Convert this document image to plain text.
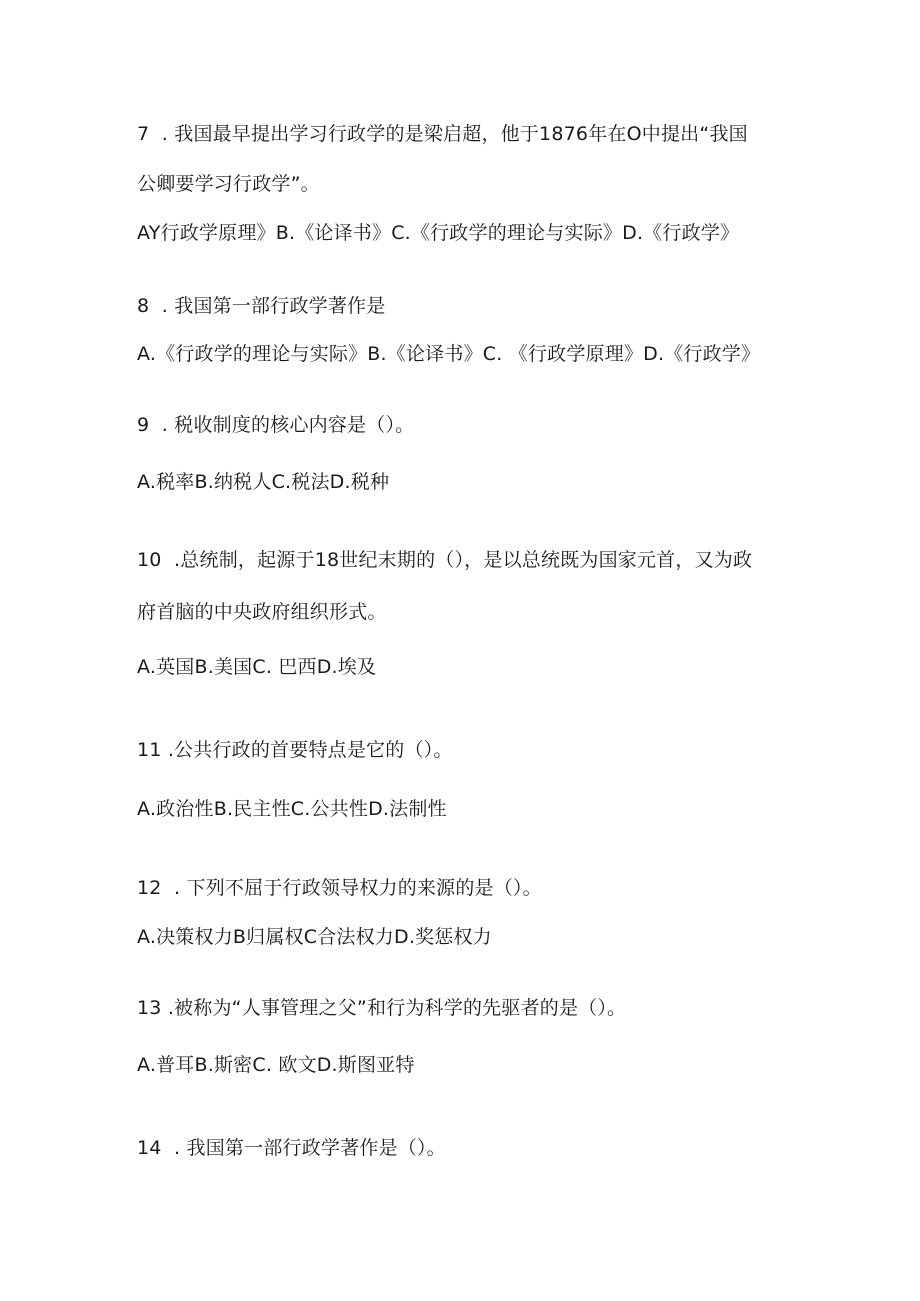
7  . 我国最早提出学习行政学的是梁启超，他于1876年在O中提出“我国
公卿要学习行政学”。
AY行政学原理》B.《论译书》C.《行政学的理论与实际》D.《行政学》
8  . 我国第一部行政学著作是
A.《行政学的理论与实际》B.《论译书》C. 《行政学原理》D.《行政学》
9  . 税收制度的核心内容是（）。
A.税率B.纳税人C.税法D.税种
10  .总统制，起源于18世纪末期的（），是以总统既为国家元首，又为政
府首脑的中央政府组织形式。
A.英国B.美国C. 巴西D.埃及
11 .公共行政的首要特点是它的（）。
A.政治性B.民主性C.公共性D.法制性
12  . 下列不屈于行政领导权力的来源的是（）。
A.决策权力B归属权C合法权力D.奖惩权力
13 .被称为“人事管理之父”和行为科学的先驱者的是（）。
A.普耳B.斯密C. 欧文D.斯图亚特
14  . 我国第一部行政学著作是（）。
